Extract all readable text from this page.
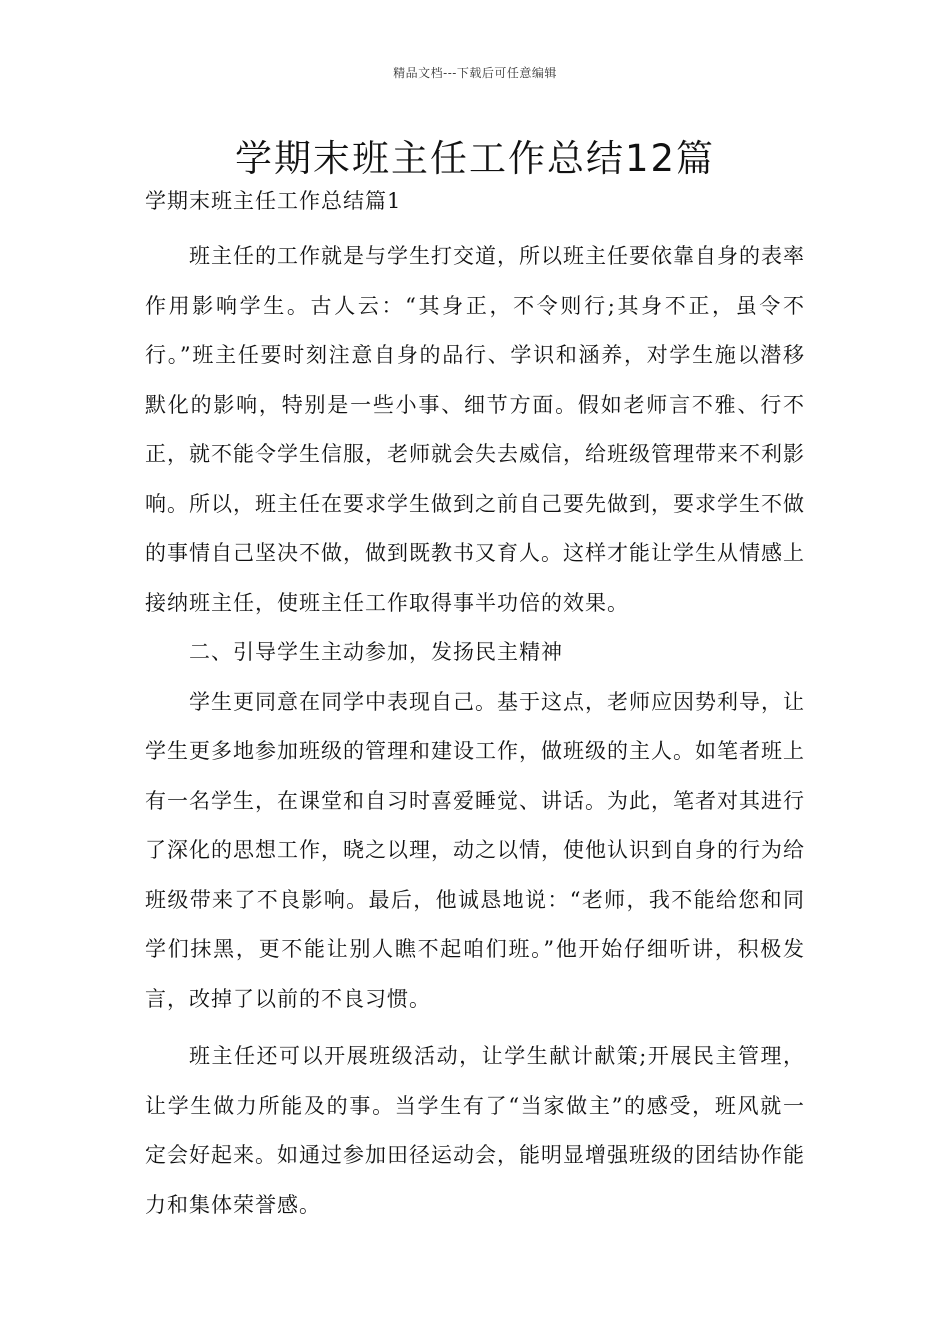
精品文档---下载后可任意编辑
学期末班主任工作总结12篇

学期末班主任工作总结篇1

班主任的工作就是与学生打交道，所以班主任要依靠自身的表率作用影响学生。古人云：“其身正，不令则行;其身不正，虽令不行。”班主任要时刻注意自身的品行、学识和涵养，对学生施以潜移默化的影响，特别是一些小事、细节方面。假如老师言不雅、行不正，就不能令学生信服，老师就会失去威信，给班级管理带来不利影响。所以，班主任在要求学生做到之前自己要先做到，要求学生不做的事情自己坚决不做，做到既教书又育人。这样才能让学生从情感上接纳班主任，使班主任工作取得事半功倍的效果。

二、引导学生主动参加，发扬民主精神

学生更同意在同学中表现自己。基于这点，老师应因势利导，让学生更多地参加班级的管理和建设工作，做班级的主人。如笔者班上有一名学生，在课堂和自习时喜爱睡觉、讲话。为此，笔者对其进行了深化的思想工作，晓之以理，动之以情，使他认识到自身的行为给班级带来了不良影响。最后，他诚恳地说：“老师，我不能给您和同学们抹黑，更不能让别人瞧不起咱们班。”他开始仔细听讲，积极发言，改掉了以前的不良习惯。

班主任还可以开展班级活动，让学生献计献策;开展民主管理，让学生做力所能及的事。当学生有了“当家做主”的感受，班风就一定会好起来。如通过参加田径运动会，能明显增强班级的团结协作能力和集体荣誉感。
